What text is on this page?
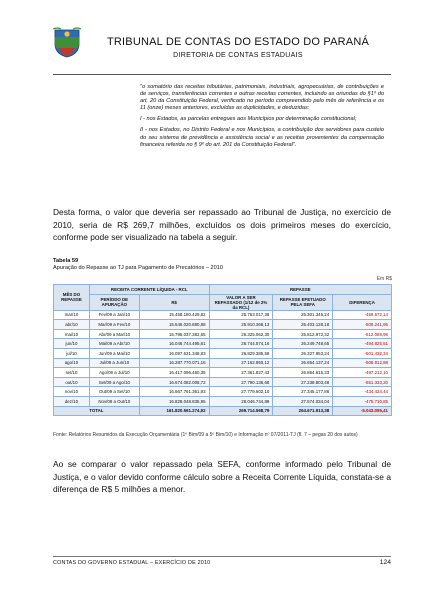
TRIBUNAL DE CONTAS DO ESTADO DO PARANÁ
DIRETORIA DE CONTAS ESTADUAIS

"o somatório das receitas tributárias, patrimoniais, industriais, agropecuárias, de contribuições e de serviços, transferências correntes e outras receitas correntes, incluindo as oriundas do §1º do art. 20 da Constituição Federal, verificado no período compreendido pelo mês de referência e os 11 (onze) meses anteriores, excluídas as duplicidades, e deduzidas:

I - nos Estados, as parcelas entregues aos Municípios por determinação constitucional;

II - nos Estados, no Distrito Federal e nos Municípios, a contribuição dos servidores para custeio do seu sistema de previdência e assistência social e as receitas provenientes da compensação financeira referida no § 9º do art. 201 da Constituição Federal".

Desta forma, o valor que deveria ser repassado ao Tribunal de Justiça, no exercício de 2010, seria de R$ 269,7 milhões, excluídos os dois primeiros meses do exercício, conforme pode ser visualizado na tabela a seguir.

Tabela 59
Apuração do Repasse ao TJ para Pagamento de Precatórios – 2010
Em R$
MÊS DO REPASSE	RECEITA CORRENTE LÍQUIDA - RCL		REPASSE		
	PERÍODO DE APURAÇÃO	R$	VALOR A SER REPASSADO (1/12 de 2% da RCL)	REPASSE EFETUADO PELA SEFA	DIFERENÇA
mar/10	Fev/09 a Jan/10	15.458.180.429,82	25.763.017,38	25.301.345,24	-459.672,14
abr/10	Mar/09 a Fev/10	15.546.020.880,88	25.910.368,13	25.403.128,18	-509.241,95
mai/10	Abr/09 a Mar/10	15.795.037.382,65	26.325.062,30	25.812.972,32	-512.089,98
jun/10	Mai/09 a Abr/10	16.046.744.495,61	26.744.574,16	26.249.748,65	-494.825,51
jul/10	Jun/09 a Mai/10	16.097.631.348,83	26.829.385,58	26.327.953,24	-501.432,34
ago/10	Jul/09 a Jun/10	16.287.770.071,16	27.162.950,12	26.654.137,24	-508.812,88
set/10	Ago/09 a Jul/10	16.417.096.460,35	27.361.827,43	26.864.615,33	-497.212,10
out/10	Set/09 a Ago/10	16.674.082.008,72	27.790.136,68	27.238.803,48	-551.333,20
nov/10	Out/09 a Set/10	16.667.761.361,93	27.779.602,10	27.345.177,86	-434.424,44
dez/10	Nov/09 a Out/10	16.828.048.835,95	28.046.744,89	27.574.034,04	-475.710,85
TOTAL		161.820.561.274,92	269.714.568,79	264.671.913,38	-5.043.055,41
Fonte: Relatórios Resumidos da Execução Orçamentária (1º Bim/09 a 5º Bim/10) e Informação nº 07/2011-TJ (fl. 7 – pegas 20 dos autos)

Ao se comparar o valor repassado pela SEFA, conforme informado pelo Tribunal de Justiça, e o valor devido conforme cálculo sobre a Receita Corrente Líquida, constata-se a diferença de R$ 5 milhões a menor.

CONTAS DO GOVERNO ESTADUAL – EXERCÍCIO DE 2010	124
